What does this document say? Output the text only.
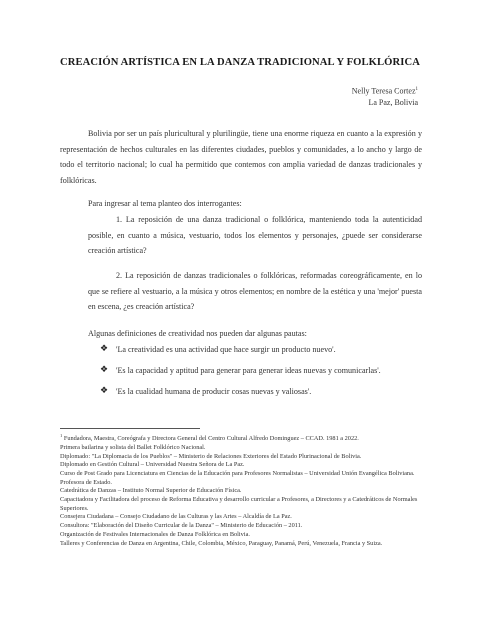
CREACIÓN ARTÍSTICA EN LA DANZA TRADICIONAL Y FOLKLÓRICA
Nelly Teresa Cortez$^1$
La Paz, Bolivia
Bolivia por ser un país pluricultural y plurilingüe, tiene una enorme riqueza en cuanto a la expresión y representación de hechos culturales en las diferentes ciudades, pueblos y comunidades, a lo ancho y largo de todo el territorio nacional; lo cual ha permitido que contemos con amplia variedad de danzas tradicionales y folklóricas.
Para ingresar al tema planteo dos interrogantes:
1. La reposición de una danza tradicional o folklórica, manteniendo toda la autenticidad posible, en cuanto a música, vestuario, todos los elementos y personajes, ¿puede ser considerarse creación artística?
2. La reposición de danzas tradicionales o folklóricas, reformadas coreográficamente, en lo que se refiere al vestuario, a la música y otros elementos; en nombre de la estética y una 'mejor' puesta en escena, ¿es creación artística?
Algunas definiciones de creatividad nos pueden dar algunas pautas:
❖ 'La creatividad es una actividad que hace surgir un producto nuevo'.
❖ 'Es la capacidad y aptitud para generar para generar ideas nuevas y comunicarlas'.
❖ 'Es la cualidad humana de producir cosas nuevas y valiosas'.
$^1$ Fundadora, Maestra, Coreógrafa y Directora General del Centro Cultural Alfredo Dominguez – CCAD. 1981 a 2022.
Primera bailarina y solista del Ballet Folklórico Nacional.
Diplomado: "La Diplomacia de los Pueblos" – Ministerio de Relaciones Exteriores del Estado Plurinacional de Bolivia.
Diplomado en Gestión Cultural – Universidad Nuestra Señora de La Paz.
Curso de Post Grado para Licenciatura en Ciencias de la Educación para Profesores Normalistas – Universidad Unión Evangélica Boliviana.
Profesora de Estado.
Catedrática de Danzas – Instituto Normal Superior de Educación Física.
Capacitadora y Facilitadora del proceso de Reforma Educativa y desarrollo curricular a Profesores, a Directores y a Catedráticos de Normales Superiores.
Consejera Ciudadana – Consejo Ciudadano de las Culturas y las Artes – Alcaldía de La Paz.
Consultora: "Elaboración del Diseño Curricular de la Danza" – Ministerio de Educación – 2011.
Organización de Festivales Internacionales de Danza Folklórica en Bolivia.
Talleres y Conferencias de Danza en Argentina, Chile, Colombia, México, Paraguay, Panamá, Perú, Venezuela, Francia y Suiza.
